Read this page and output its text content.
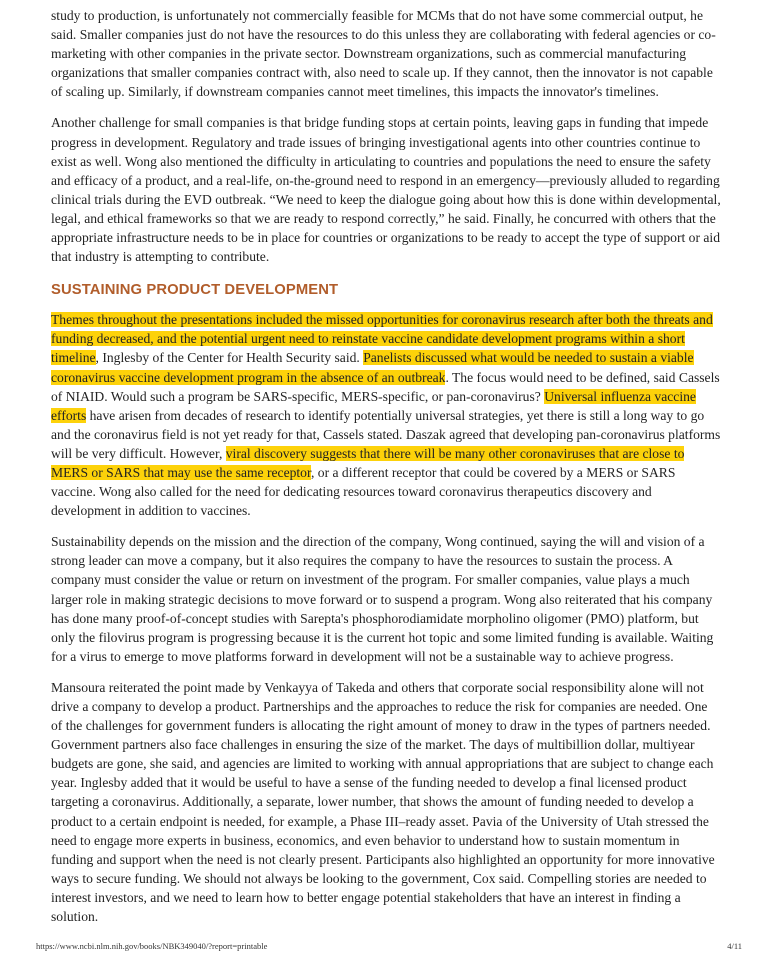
study to production, is unfortunately not commercially feasible for MCMs that do not have some commercial output, he said. Smaller companies just do not have the resources to do this unless they are collaborating with federal agencies or co-marketing with other companies in the private sector. Downstream organizations, such as commercial manufacturing organizations that smaller companies contract with, also need to scale up. If they cannot, then the innovator is not capable of scaling up. Similarly, if downstream companies cannot meet timelines, this impacts the innovator's timelines.

Another challenge for small companies is that bridge funding stops at certain points, leaving gaps in funding that impede progress in development. Regulatory and trade issues of bringing investigational agents into other countries continue to exist as well. Wong also mentioned the difficulty in articulating to countries and populations the need to ensure the safety and efficacy of a product, and a real-life, on-the-ground need to respond in an emergency—previously alluded to regarding clinical trials during the EVD outbreak. “We need to keep the dialogue going about how this is done within developmental, legal, and ethical frameworks so that we are ready to respond correctly,” he said. Finally, he concurred with others that the appropriate infrastructure needs to be in place for countries or organizations to be ready to accept the type of support or aid that industry is attempting to contribute.

SUSTAINING PRODUCT DEVELOPMENT

Themes throughout the presentations included the missed opportunities for coronavirus research after both the threats and funding decreased, and the potential urgent need to reinstate vaccine candidate development programs within a short timeline, Inglesby of the Center for Health Security said. Panelists discussed what would be needed to sustain a viable coronavirus vaccine development program in the absence of an outbreak. The focus would need to be defined, said Cassels of NIAID. Would such a program be SARS-specific, MERS-specific, or pan-coronavirus? Universal influenza vaccine efforts have arisen from decades of research to identify potentially universal strategies, yet there is still a long way to go and the coronavirus field is not yet ready for that, Cassels stated. Daszak agreed that developing pan-coronavirus platforms will be very difficult. However, viral discovery suggests that there will be many other coronaviruses that are close to MERS or SARS that may use the same receptor, or a different receptor that could be covered by a MERS or SARS vaccine. Wong also called for the need for dedicating resources toward coronavirus therapeutics discovery and development in addition to vaccines.

Sustainability depends on the mission and the direction of the company, Wong continued, saying the will and vision of a strong leader can move a company, but it also requires the company to have the resources to sustain the process. A company must consider the value or return on investment of the program. For smaller companies, value plays a much larger role in making strategic decisions to move forward or to suspend a program. Wong also reiterated that his company has done many proof-of-concept studies with Sarepta's phosphorodiamidate morpholino oligomer (PMO) platform, but only the filovirus program is progressing because it is the current hot topic and some limited funding is available. Waiting for a virus to emerge to move platforms forward in development will not be a sustainable way to achieve progress.

Mansoura reiterated the point made by Venkayya of Takeda and others that corporate social responsibility alone will not drive a company to develop a product. Partnerships and the approaches to reduce the risk for companies are needed. One of the challenges for government funders is allocating the right amount of money to draw in the types of partners needed. Government partners also face challenges in ensuring the size of the market. The days of multibillion dollar, multiyear budgets are gone, she said, and agencies are limited to working with annual appropriations that are subject to change each year. Inglesby added that it would be useful to have a sense of the funding needed to develop a final licensed product targeting a coronavirus. Additionally, a separate, lower number, that shows the amount of funding needed to develop a product to a certain endpoint is needed, for example, a Phase III–ready asset. Pavia of the University of Utah stressed the need to engage more experts in business, economics, and even behavior to understand how to sustain momentum in funding and support when the need is not clearly present. Participants also highlighted an opportunity for more innovative ways to secure funding. We should not always be looking to the government, Cox said. Compelling stories are needed to interest investors, and we need to learn how to better engage potential stakeholders that have an interest in finding a solution.

https://www.ncbi.nlm.nih.gov/books/NBK349040/?report=printable	4/11
